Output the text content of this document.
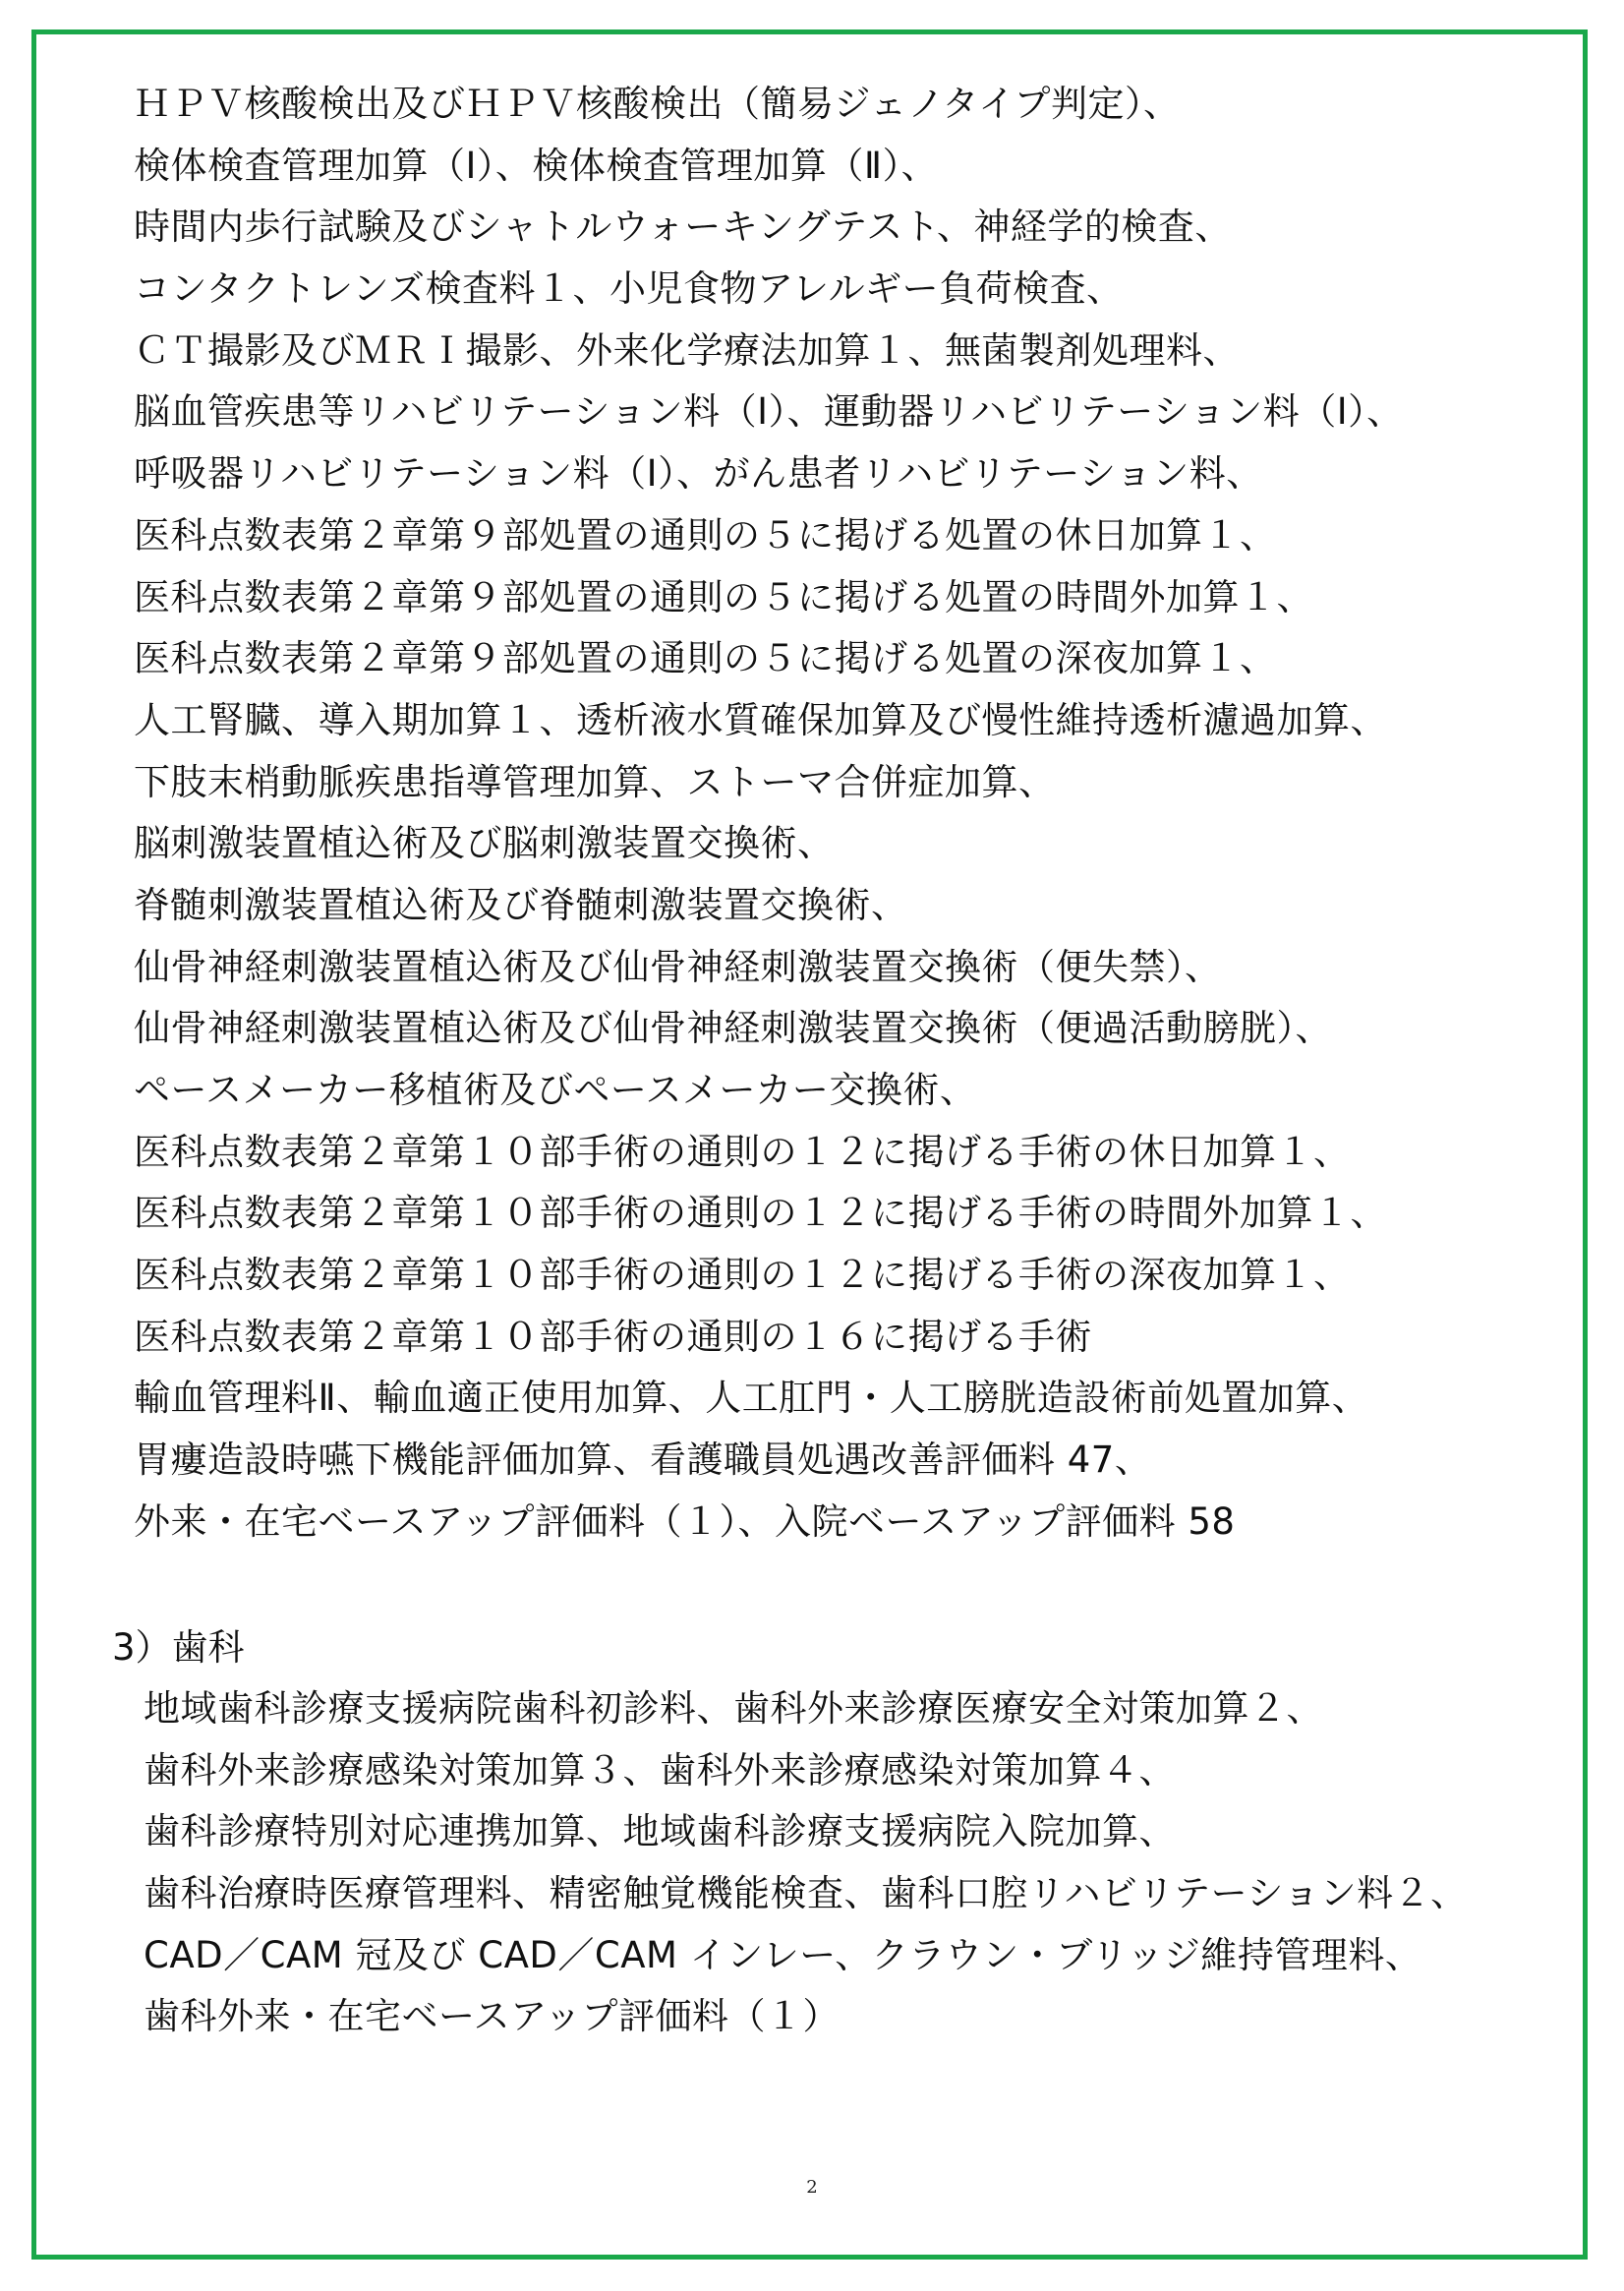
ＨＰＶ核酸検出及びＨＰＶ核酸検出（簡易ジェノタイプ判定）、
検体検査管理加算（Ⅰ）、検体検査管理加算（Ⅱ）、
時間内歩行試験及びシャトルウォーキングテスト、神経学的検査、
コンタクトレンズ検査料１、小児食物アレルギー負荷検査、
ＣＴ撮影及びＭＲＩ撮影、外来化学療法加算１、無菌製剤処理料、
脳血管疾患等リハビリテーション料（Ⅰ）、運動器リハビリテーション料（Ⅰ）、
呼吸器リハビリテーション料（Ⅰ）、がん患者リハビリテーション料、
医科点数表第２章第９部処置の通則の５に掲げる処置の休日加算１、
医科点数表第２章第９部処置の通則の５に掲げる処置の時間外加算１、
医科点数表第２章第９部処置の通則の５に掲げる処置の深夜加算１、
人工腎臓、導入期加算１、透析液水質確保加算及び慢性維持透析濾過加算、
下肢末梢動脈疾患指導管理加算、ストーマ合併症加算、
脳刺激装置植込術及び脳刺激装置交換術、
脊髄刺激装置植込術及び脊髄刺激装置交換術、
仙骨神経刺激装置植込術及び仙骨神経刺激装置交換術（便失禁）、
仙骨神経刺激装置植込術及び仙骨神経刺激装置交換術（便過活動膀胱）、
ペースメーカー移植術及びペースメーカー交換術、
医科点数表第２章第１０部手術の通則の１２に掲げる手術の休日加算１、
医科点数表第２章第１０部手術の通則の１２に掲げる手術の時間外加算１、
医科点数表第２章第１０部手術の通則の１２に掲げる手術の深夜加算１、
医科点数表第２章第１０部手術の通則の１６に掲げる手術
輸血管理料Ⅱ、輸血適正使用加算、人工肛門・人工膀胱造設術前処置加算、
胃瘻造設時嚥下機能評価加算、看護職員処遇改善評価料 47、
外来・在宅ベースアップ評価料（１）、入院ベースアップ評価料 58
3）歯科
地域歯科診療支援病院歯科初診料、歯科外来診療医療安全対策加算２、
歯科外来診療感染対策加算３、歯科外来診療感染対策加算４、
歯科診療特別対応連携加算、地域歯科診療支援病院入院加算、
歯科治療時医療管理料、精密触覚機能検査、歯科口腔リハビリテーション料２、
CAD／CAM 冠及び CAD／CAM インレー、クラウン・ブリッジ維持管理料、
歯科外来・在宅ベースアップ評価料（１）
2
